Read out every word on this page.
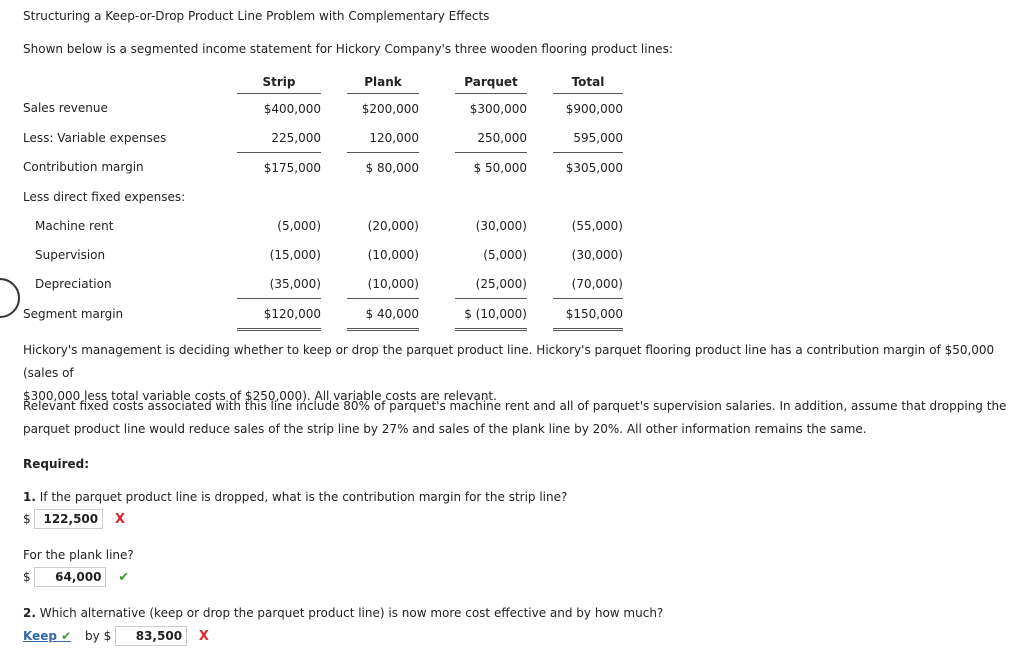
Structuring a Keep-or-Drop Product Line Problem with Complementary Effects
Shown below is a segmented income statement for Hickory Company's three wooden flooring product lines:
	Strip		Plank		Parquet		Total
Sales revenue	$400,000		$200,000		$300,000		$900,000
Less: Variable expenses	225,000		120,000		250,000		595,000
Contribution margin	$175,000		$ 80,000		$ 50,000		$305,000
Less direct fixed expenses:							
Machine rent	(5,000)		(20,000)		(30,000)		(55,000)
Supervision	(15,000)		(10,000)		(5,000)		(30,000)
Depreciation	(35,000)		(10,000)		(25,000)		(70,000)
Segment margin	$120,000		$ 40,000		$ (10,000)		$150,000
Hickory's management is deciding whether to keep or drop the parquet product line. Hickory's parquet flooring product line has a contribution margin of $50,000 (sales of
$300,000 less total variable costs of $250,000). All variable costs are relevant.
Relevant fixed costs associated with this line include 80% of parquet's machine rent and all of parquet's supervision salaries. In addition, assume that dropping the
parquet product line would reduce sales of the strip line by 27% and sales of the plank line by 20%. All other information remains the same.
Required:
1. If the parquet product line is dropped, what is the contribution margin for the strip line?
$ 122,500 X
For the plank line?
$ 64,000 ✔
2. Which alternative (keep or drop the parquet product line) is now more cost effective and by how much?
Keep ✔ by $ 83,500 X
